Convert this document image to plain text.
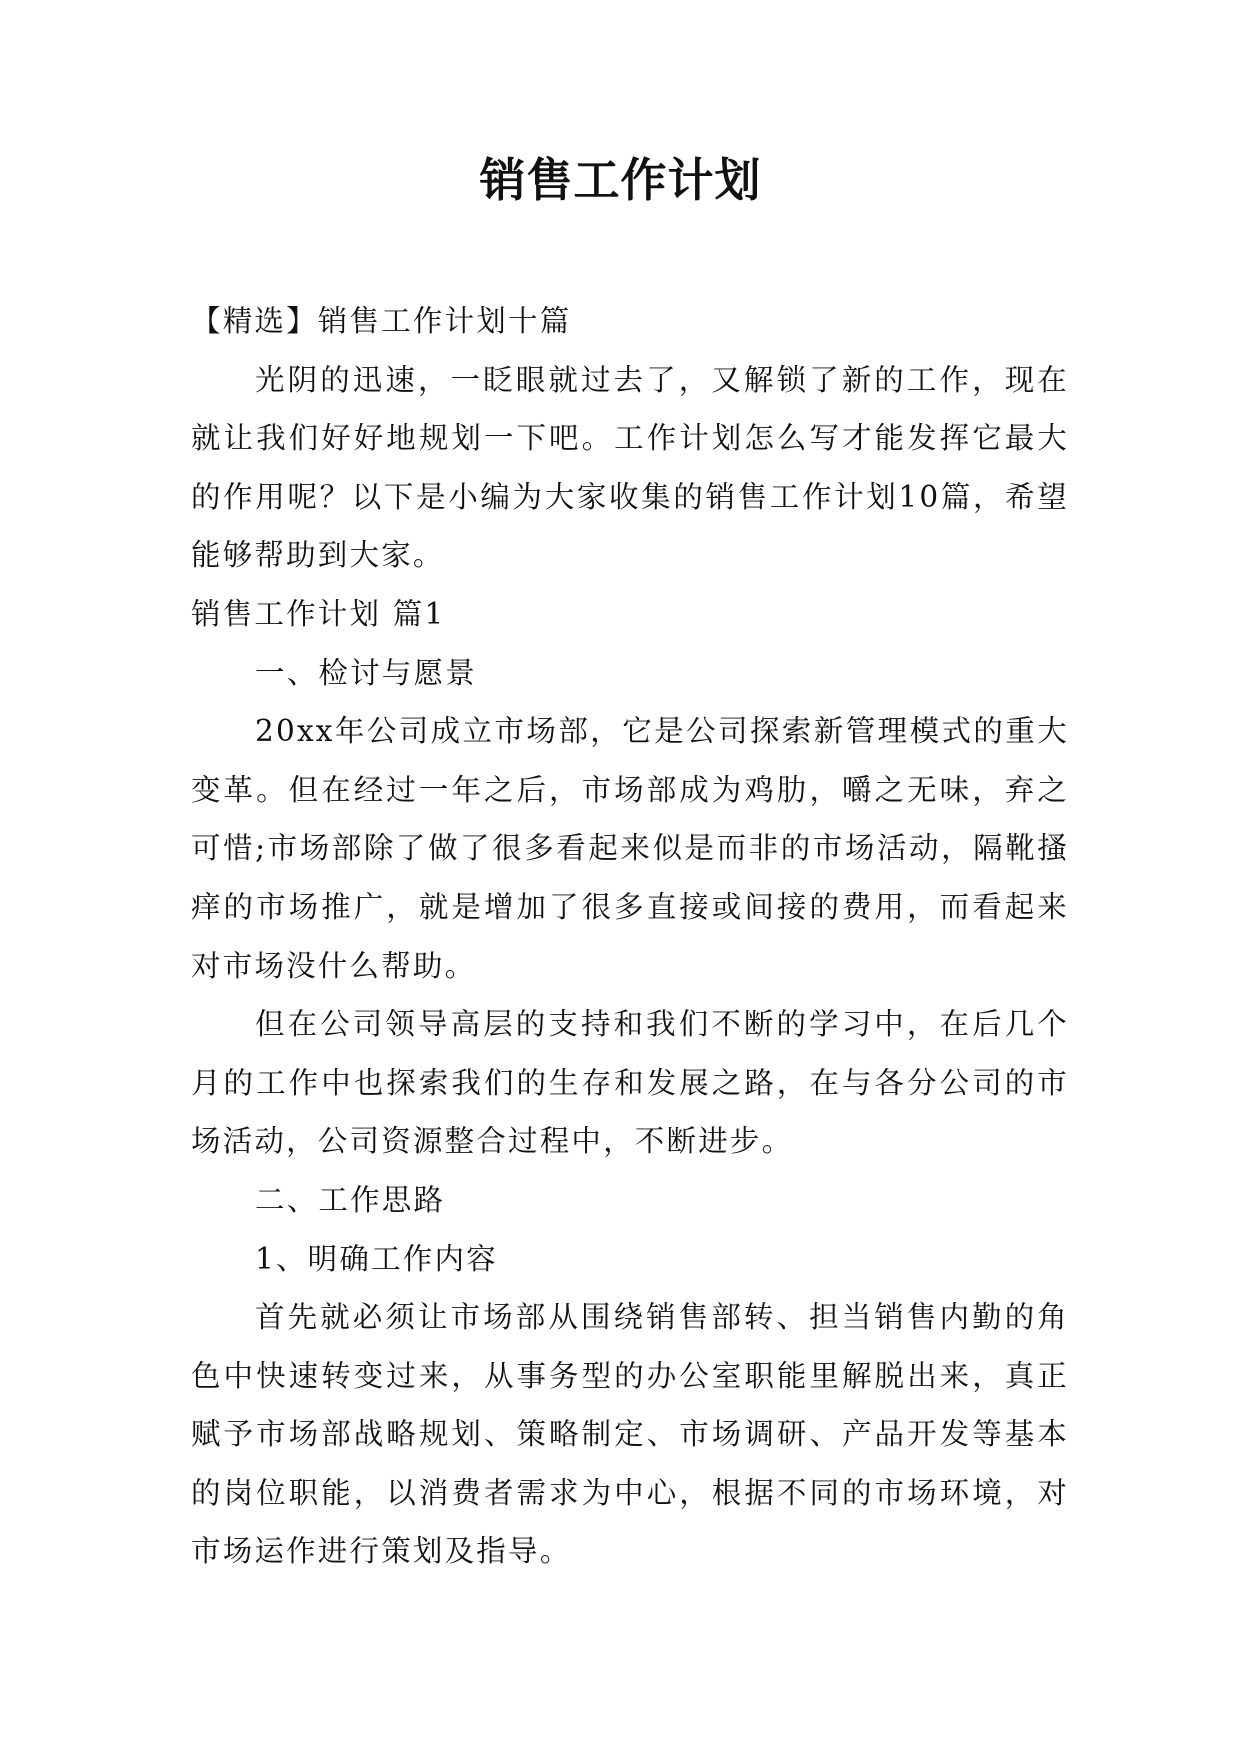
销售工作计划

【精选】销售工作计划十篇

光阴的迅速，一眨眼就过去了，又解锁了新的工作，现在就让我们好好地规划一下吧。工作计划怎么写才能发挥它最大的作用呢？以下是小编为大家收集的销售工作计划10篇，希望能够帮助到大家。

销售工作计划 篇1

一、检讨与愿景

20xx年公司成立市场部，它是公司探索新管理模式的重大变革。但在经过一年之后，市场部成为鸡肋，嚼之无味，弃之可惜;市场部除了做了很多看起来似是而非的市场活动，隔靴搔痒的市场推广，就是增加了很多直接或间接的费用，而看起来对市场没什么帮助。

但在公司领导高层的支持和我们不断的学习中，在后几个月的工作中也探索我们的生存和发展之路，在与各分公司的市场活动，公司资源整合过程中，不断进步。

二、工作思路

1、明确工作内容

首先就必须让市场部从围绕销售部转、担当销售内勤的角色中快速转变过来，从事务型的办公室职能里解脱出来，真正赋予市场部战略规划、策略制定、市场调研、产品开发等基本的岗位职能，以消费者需求为中心，根据不同的市场环境，对市场运作进行策划及指导。
